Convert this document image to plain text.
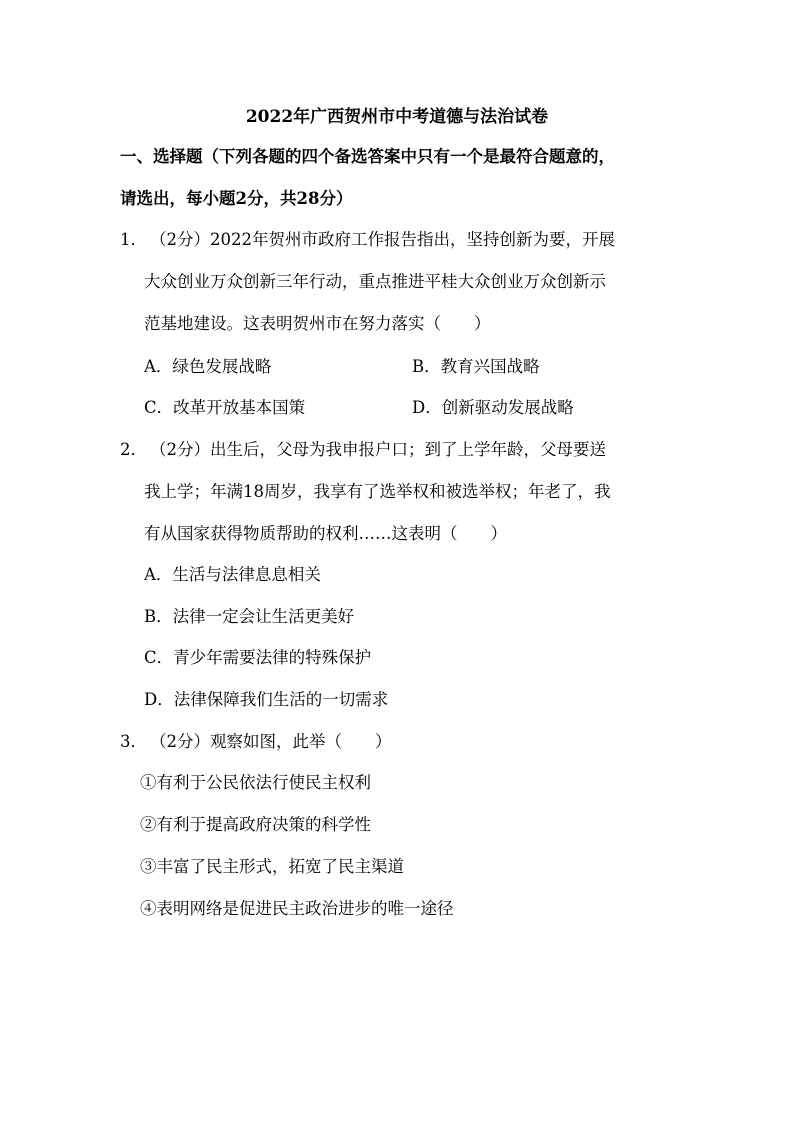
2022年广西贺州市中考道德与法治试卷
一、选择题（下列各题的四个备选答案中只有一个是最符合题意的，
请选出，每小题2分，共28分）
1． （2分）2022年贺州市政府工作报告指出，坚持创新为要，开展
大众创业万众创新三年行动，重点推进平桂大众创业万众创新示
范基地建设。这表明贺州市在努力落实（　　）
A．绿色发展战略	B．教育兴国战略
C．改革开放基本国策	D．创新驱动发展战略
2． （2分）出生后，父母为我申报户口；到了上学年龄，父母要送
我上学；年满18周岁，我享有了选举权和被选举权；年老了，我
有从国家获得物质帮助的权利……这表明（　　）
A．生活与法律息息相关
B．法律一定会让生活更美好
C．青少年需要法律的特殊保护
D．法律保障我们生活的一切需求
3． （2分）观察如图，此举（　　）
①有利于公民依法行使民主权利
②有利于提高政府决策的科学性
③丰富了民主形式，拓宽了民主渠道
④表明网络是促进民主政治进步的唯一途径
